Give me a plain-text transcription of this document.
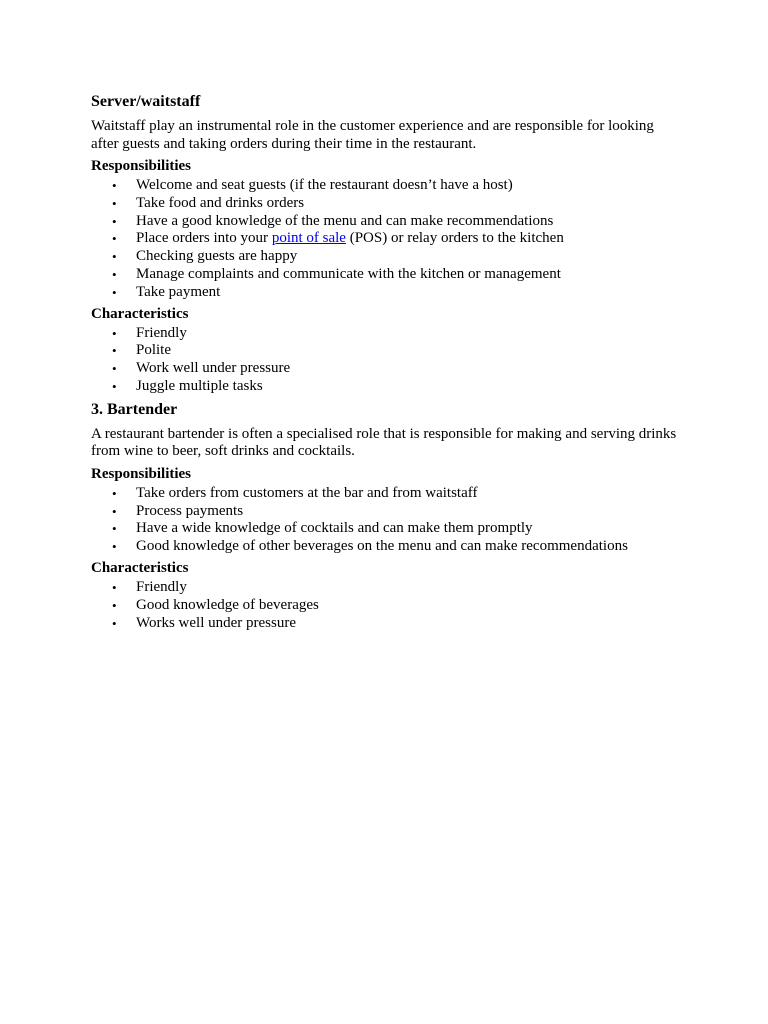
Server/waitstaff

Waitstaff play an instrumental role in the customer experience and are responsible for looking after guests and taking orders during their time in the restaurant.

Responsibilities
• Welcome and seat guests (if the restaurant doesn’t have a host)
• Take food and drinks orders
• Have a good knowledge of the menu and can make recommendations
• Place orders into your point of sale (POS) or relay orders to the kitchen
• Checking guests are happy
• Manage complaints and communicate with the kitchen or management
• Take payment
Characteristics
• Friendly
• Polite
• Work well under pressure
• Juggle multiple tasks
3. Bartender

A restaurant bartender is often a specialised role that is responsible for making and serving drinks from wine to beer, soft drinks and cocktails.

Responsibilities
• Take orders from customers at the bar and from waitstaff
• Process payments
• Have a wide knowledge of cocktails and can make them promptly
• Good knowledge of other beverages on the menu and can make recommendations
Characteristics
• Friendly
• Good knowledge of beverages
• Works well under pressure
